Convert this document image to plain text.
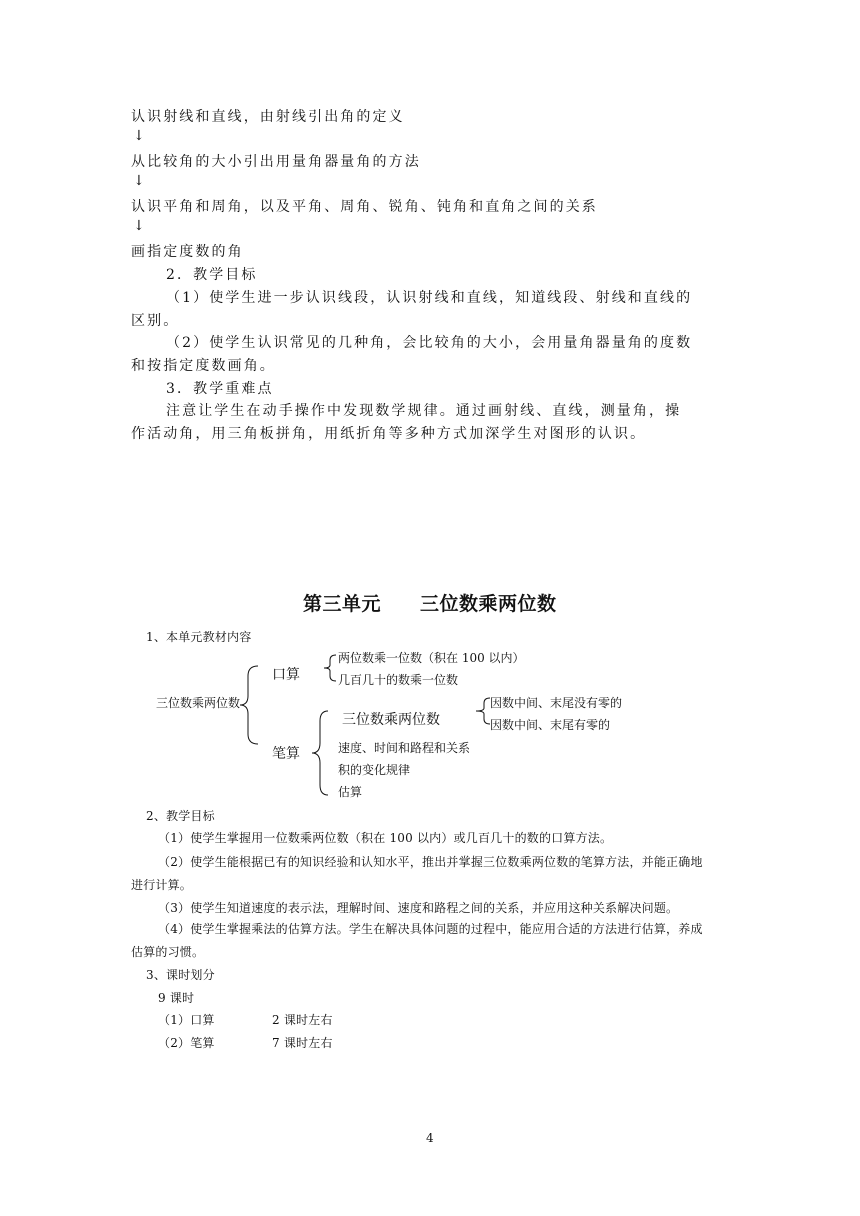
认识射线和直线，由射线引出角的定义
↓
从比较角的大小引出用量角器量角的方法
↓
认识平角和周角，以及平角、周角、锐角、钝角和直角之间的关系
↓
画指定度数的角
2．教学目标
（1）使学生进一步认识线段，认识射线和直线，知道线段、射线和直线的
区别。
（2）使学生认识常见的几种角，会比较角的大小，会用量角器量角的度数
和按指定度数画角。
3．教学重难点
注意让学生在动手操作中发现数学规律。通过画射线、直线，测量角，操
作活动角，用三角板拼角，用纸折角等多种方式加深学生对图形的认识。
第三单元　　三位数乘两位数
1、本单元教材内容
三位数乘两位数
口算
两位数乘一位数（积在 100 以内）
几百几十的数乘一位数
笔算
三位数乘两位数
因数中间、末尾没有零的
因数中间、末尾有零的
速度、时间和路程和关系
积的变化规律
估算
2、教学目标
（1）使学生掌握用一位数乘两位数（积在 100 以内）或几百几十的数的口算方法。
（2）使学生能根据已有的知识经验和认知水平，推出并掌握三位数乘两位数的笔算方法，并能正确地
进行计算。
（3）使学生知道速度的表示法，理解时间、速度和路程之间的关系，并应用这种关系解决问题。
（4）使学生掌握乘法的估算方法。学生在解决具体问题的过程中，能应用合适的方法进行估算，养成
估算的习惯。
3、课时划分
9 课时
（1）口算	2 课时左右
（2）笔算	7 课时左右
4
